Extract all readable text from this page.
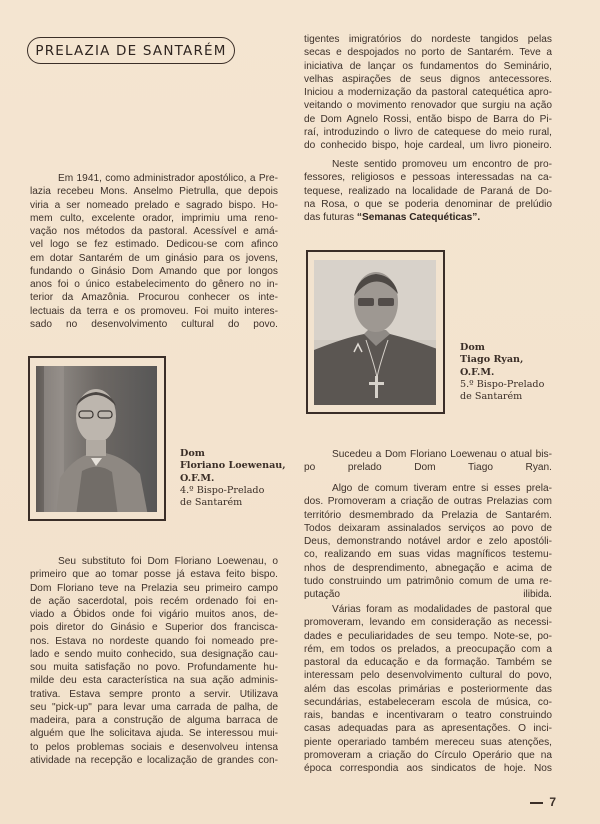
PRELAZIA DE SANTARÉM
Em 1941, como administrador apostólico, a Pre-
lazia recebeu Mons. Anselmo Pietrulla, que depois
viria a ser nomeado prelado e sagrado bispo. Ho-
mem culto, excelente orador, imprimiu uma reno-
vação nos métodos da pastoral. Acessível e amá-
vel logo se fez estimado. Dedicou-se com afinco
em dotar Santarém de um ginásio para os jovens,
fundando o Ginásio Dom Amando que por longos
anos foi o único estabelecimento do gênero no in-
terior da Amazônia. Procurou conhecer os inte-
lectuais da terra e os promoveu. Foi muito interes-
sado no desenvolvimento cultural do povo.
Dom
Floriano Loewenau,
O.F.M.
4.º Bispo-Prelado
de Santarém
Seu substituto foi Dom Floriano Loewenau, o
primeiro que ao tomar posse já estava feito bispo.
Dom Floriano teve na Prelazia seu primeiro campo
de ação sacerdotal, pois recém ordenado foi en-
viado a Óbidos onde foi vigário muitos anos, de-
pois diretor do Ginásio e Superior dos francisca-
nos. Estava no nordeste quando foi nomeado pre-
lado e sendo muito conhecido, sua designação cau-
sou muita satisfação no povo. Profundamente hu-
milde deu esta característica na sua ação adminis-
trativa. Estava sempre pronto a servir. Utilizava
seu "pick-up" para levar uma carrada de palha, de
madeira, para a construção de alguma barraca de
alguém que lhe solicitava ajuda. Se interessou mui-
to pelos problemas sociais e desenvolveu intensa
atividade na recepção e localização de grandes con-
tigentes imigratórios do nordeste tangidos pelas
secas e despojados no porto de Santarém. Teve a
iniciativa de lançar os fundamentos do Seminário,
velhas aspirações de seus dignos antecessores.
Iniciou a modernização da pastoral catequética apro-
veitando o movimento renovador que surgiu na ação
de Dom Agnelo Rossi, então bispo de Barra do Pi-
raí, introduzindo o livro de catequese do meio rural,
do conhecido bispo, hoje cardeal, um livro pioneiro.
Neste sentido promoveu um encontro de pro-
fessores, religiosos e pessoas interessadas na ca-
tequese, realizado na localidade de Paraná de Do-
na Rosa, o que se poderia denominar de prelúdio
das futuras “Semanas Catequéticas”.
Dom
Tiago Ryan,
O.F.M.
5.º Bispo-Prelado
de Santarém
Sucedeu a Dom Floriano Loewenau o atual bis-
po prelado Dom Tiago Ryan.
Algo de comum tiveram entre si esses prela-
dos. Promoveram a criação de outras Prelazias com
território desmembrado da Prelazia de Santarém.
Todos deixaram assinalados serviços ao povo de
Deus, demonstrando notável ardor e zelo apostóli-
co, realizando em suas vidas magníficos testemu-
nhos de desprendimento, abnegação e acima de
tudo construindo um patrimônio comum de uma re-
putação ilibida.
Várias foram as modalidades de pastoral que
promoveram, levando em consideração as necessi-
dades e peculiaridades de seu tempo. Note-se, po-
rém, em todos os prelados, a preocupação com a
pastoral da educação e da formação. Também se
interessam pelo desenvolvimento cultural do povo,
além das escolas primárias e posteriormente das
secundárias, estabeleceram escola de música, co-
rais, bandas e incentivaram o teatro construindo
casas adequadas para as apresentações. O inci-
piente operariado também mereceu suas atenções,
promoveram a criação do Círculo Operário que na
época correspondia aos sindicatos de hoje. Nos
7
